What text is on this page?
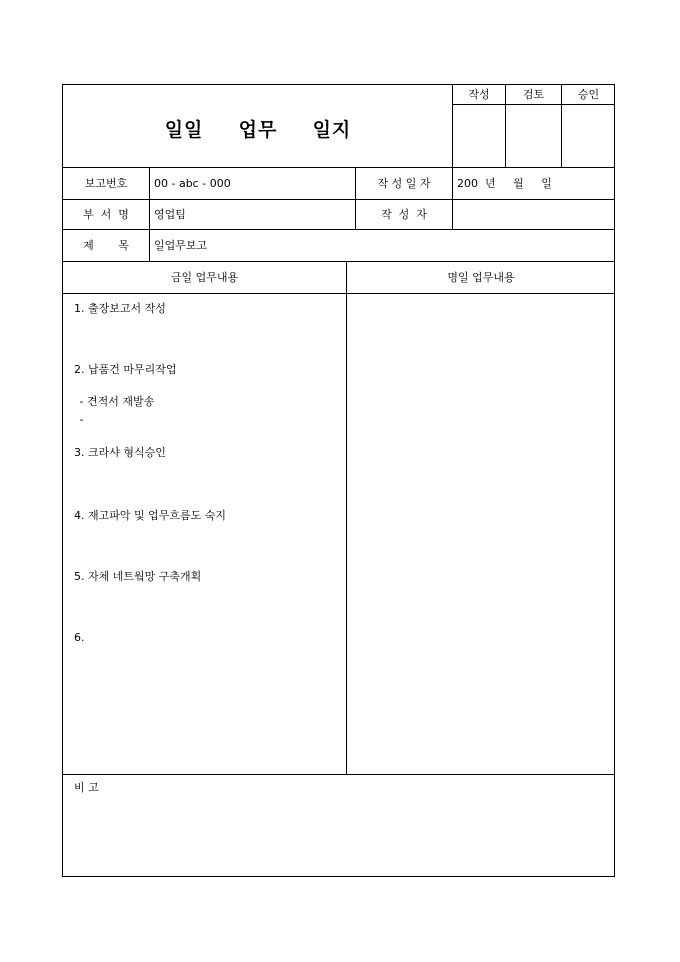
일일  업무  일지
작성	검토	승인
보고번호	00 - abc - 000	작 성 일 자	200  년     월     일
부  서  명	영업팀	작  성  자
제       목	일업무보고
금일 업무내용	명일 업무내용
1. 출장보고서 작성
2. 납품건 마무리작업
- 견적서 재발송
-
3. 크라샤 형식승인
4. 재고파악 및 업무흐름도 숙지
5. 자체 네트웤망 구축개획
6.
비 고
